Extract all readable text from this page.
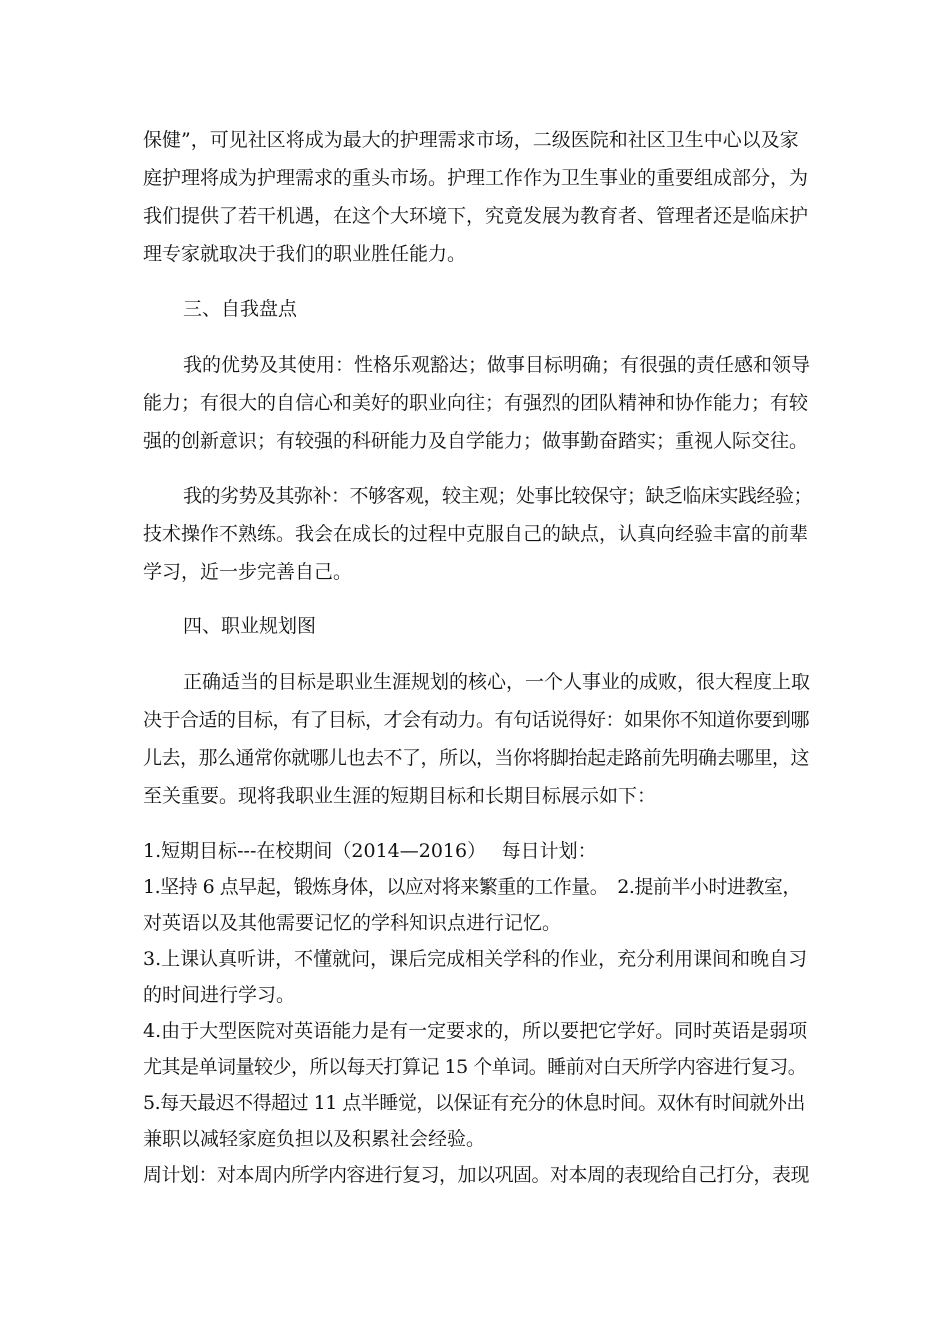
保健”，可见社区将成为最大的护理需求市场，二级医院和社区卫生中心以及家
庭护理将成为护理需求的重头市场。护理工作作为卫生事业的重要组成部分，为
我们提供了若干机遇，在这个大环境下，究竟发展为教育者、管理者还是临床护
理专家就取决于我们的职业胜任能力。
三、自我盘点
我的优势及其使用：性格乐观豁达；做事目标明确；有很强的责任感和领导
能力；有很大的自信心和美好的职业向往；有强烈的团队精神和协作能力；有较
强的创新意识；有较强的科研能力及自学能力；做事勤奋踏实；重视人际交往。
我的劣势及其弥补：不够客观，较主观；处事比较保守；缺乏临床实践经验；
技术操作不熟练。我会在成长的过程中克服自己的缺点，认真向经验丰富的前辈
学习，近一步完善自己。
四、职业规划图
正确适当的目标是职业生涯规划的核心，一个人事业的成败，很大程度上取
决于合适的目标，有了目标，才会有动力。有句话说得好：如果你不知道你要到哪
儿去，那么通常你就哪儿也去不了，所以，当你将脚抬起走路前先明确去哪里，这
至关重要。现将我职业生涯的短期目标和长期目标展示如下：
1.短期目标---在校期间（2014—2016）　 每日计划：
1.坚持 6 点早起，锻炼身体，以应对将来繁重的工作量。　2.提前半小时进教室，
对英语以及其他需要记忆的学科知识点进行记忆。
3.上课认真听讲，不懂就问，课后完成相关学科的作业，充分利用课间和晚自习
的时间进行学习。
4.由于大型医院对英语能力是有一定要求的，所以要把它学好。同时英语是弱项
尤其是单词量较少，所以每天打算记 15 个单词。睡前对白天所学内容进行复习。
5.每天最迟不得超过 11 点半睡觉，以保证有充分的休息时间。双休有时间就外出
兼职以减轻家庭负担以及积累社会经验。
周计划：对本周内所学内容进行复习，加以巩固。对本周的表现给自己打分，表现
